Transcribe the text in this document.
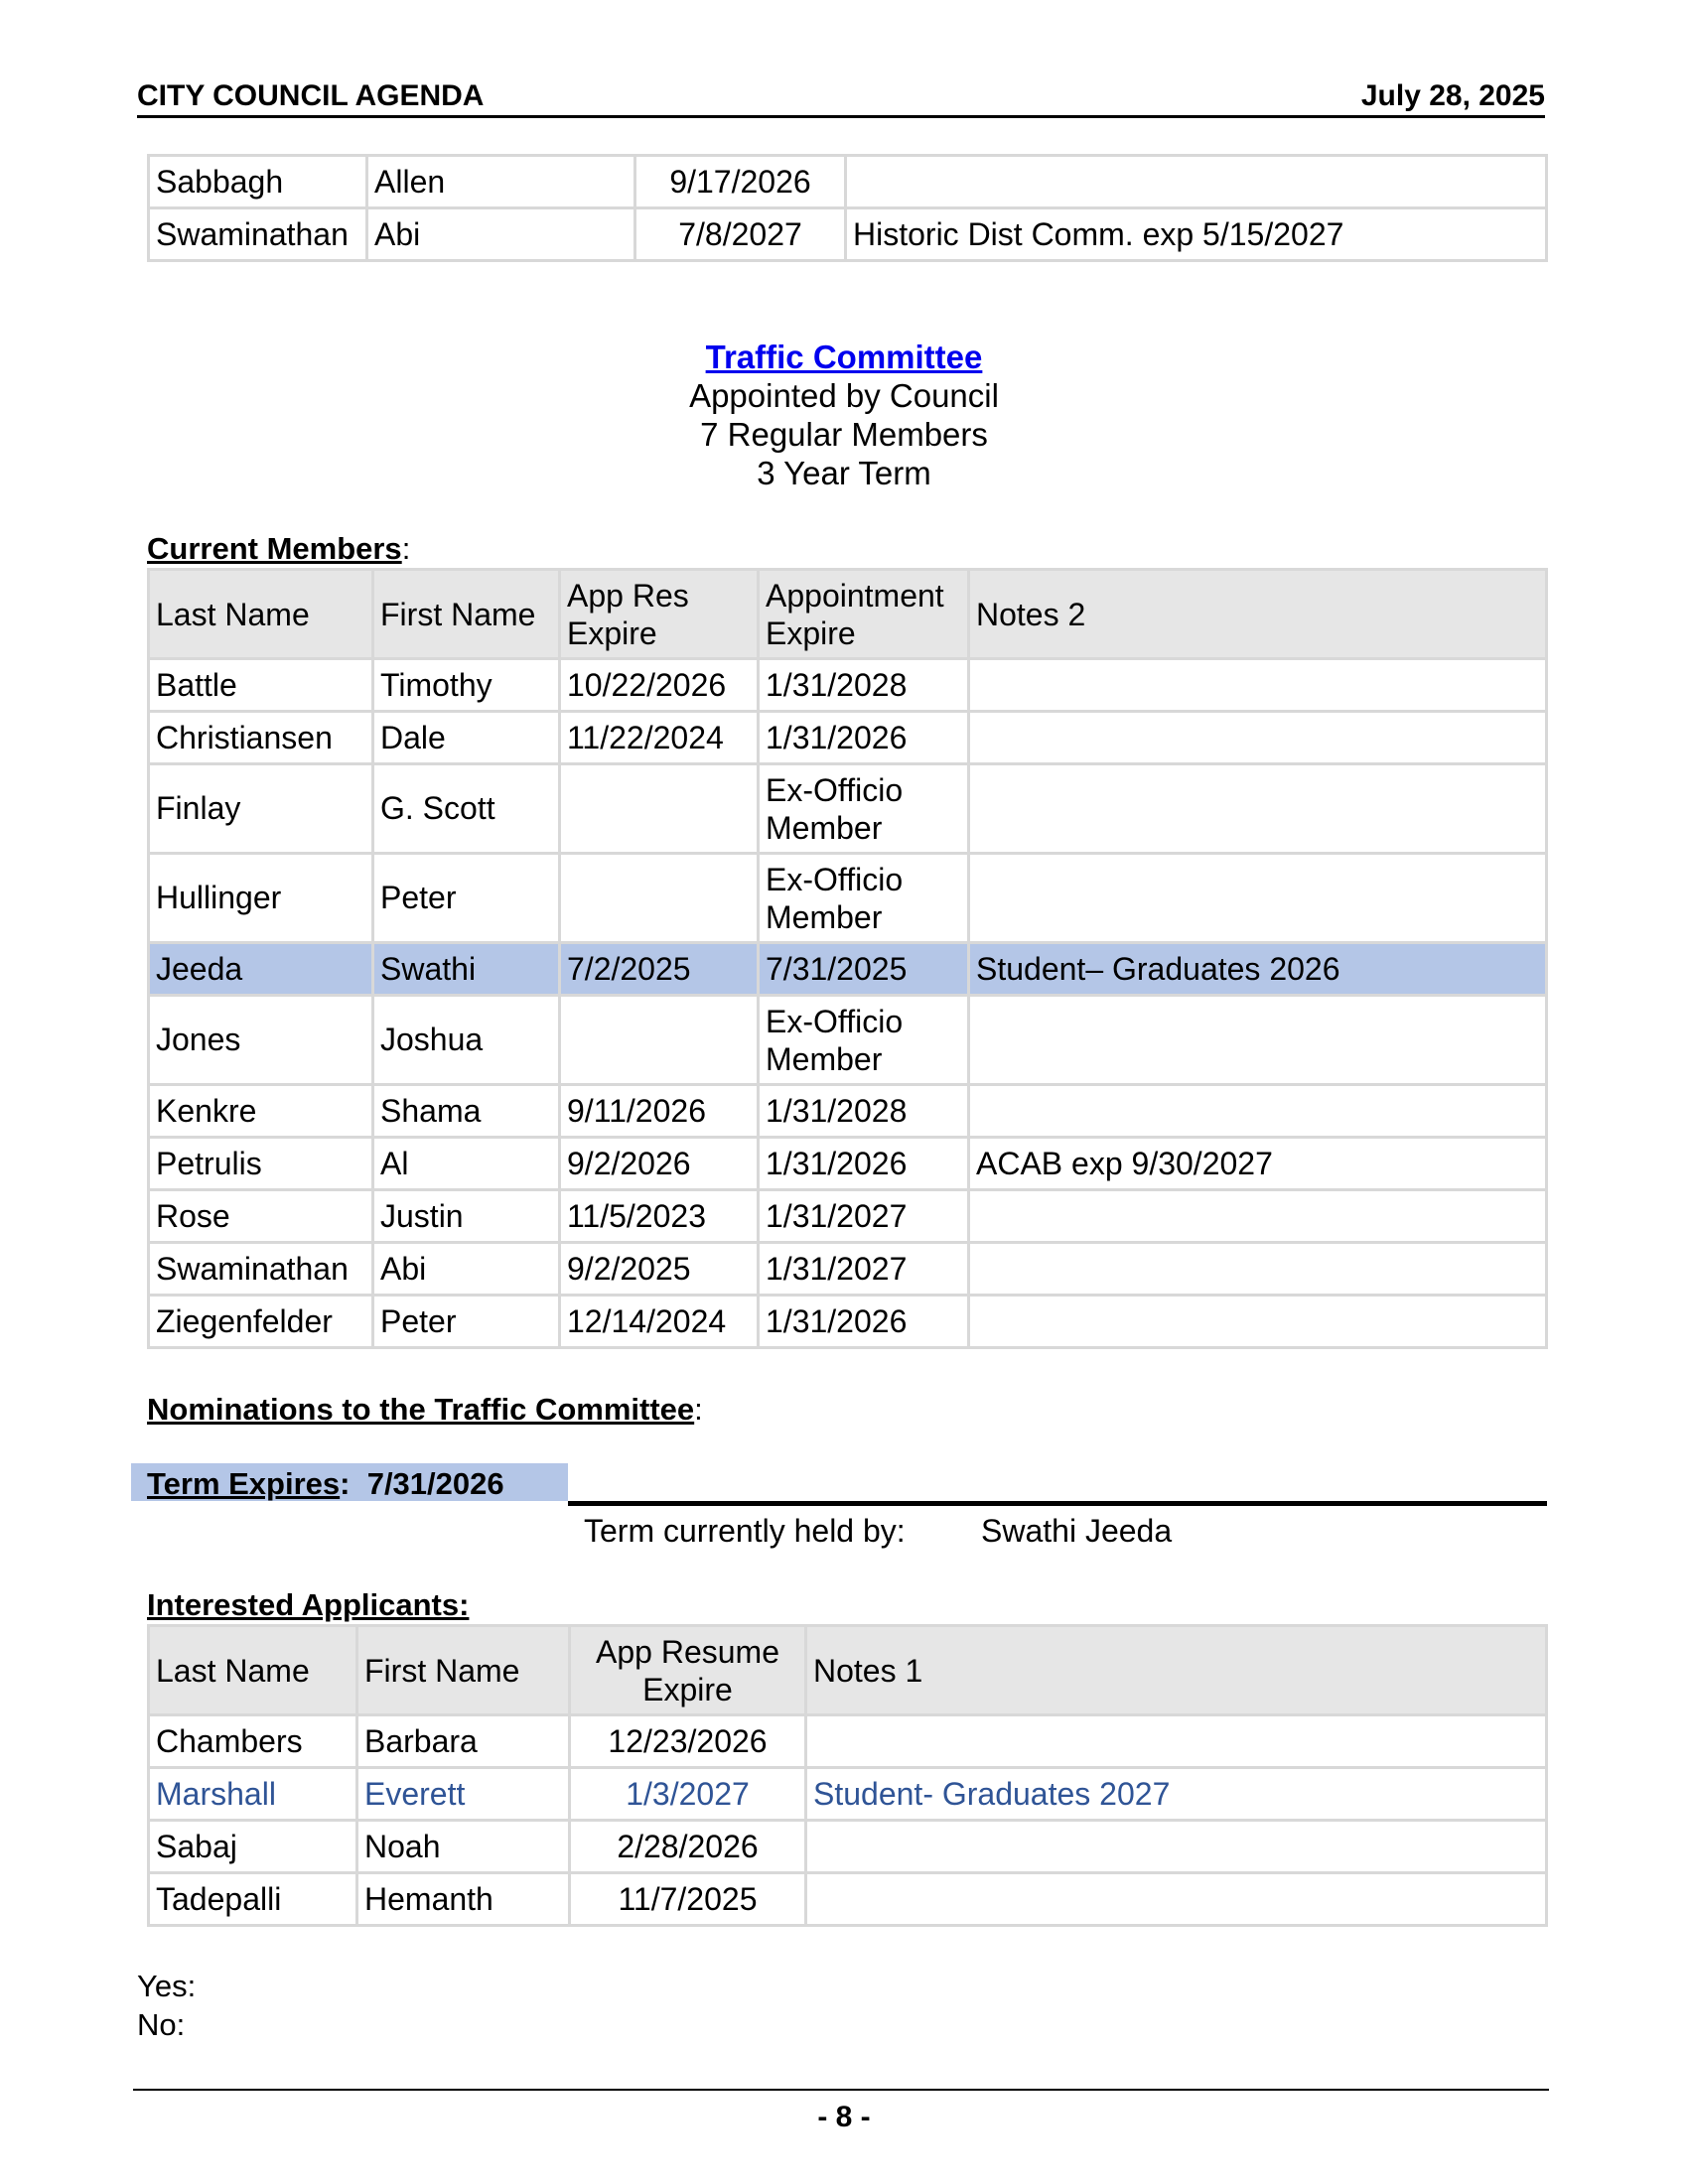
CITY COUNCIL AGENDA	July 28, 2025
Sabbagh	Allen	9/17/2026	
Swaminathan	Abi	7/8/2027	Historic Dist Comm. exp 5/15/2027
Traffic Committee
Appointed by Council
7 Regular Members
3 Year Term
Current Members:
Last Name	First Name	App Res Expire	Appointment Expire	Notes 2
Battle	Timothy	10/22/2026	1/31/2028	
Christiansen	Dale	11/22/2024	1/31/2026	
Finlay	G. Scott		Ex-Officio Member	
Hullinger	Peter		Ex-Officio Member	
Jeeda	Swathi	7/2/2025	7/31/2025	Student– Graduates 2026
Jones	Joshua		Ex-Officio Member	
Kenkre	Shama	9/11/2026	1/31/2028	
Petrulis	Al	9/2/2026	1/31/2026	ACAB exp 9/30/2027
Rose	Justin	11/5/2023	1/31/2027	
Swaminathan	Abi	9/2/2025	1/31/2027	
Ziegenfelder	Peter	12/14/2024	1/31/2026	
Nominations to the Traffic Committee:
Term Expires: 7/31/2026
Term currently held by: Swathi Jeeda
Interested Applicants:
Last Name	First Name	App Resume Expire	Notes 1
Chambers	Barbara	12/23/2026	
Marshall	Everett	1/3/2027	Student- Graduates 2027
Sabaj	Noah	2/28/2026	
Tadepalli	Hemanth	11/7/2025	
Yes:
No:
- 8 -
